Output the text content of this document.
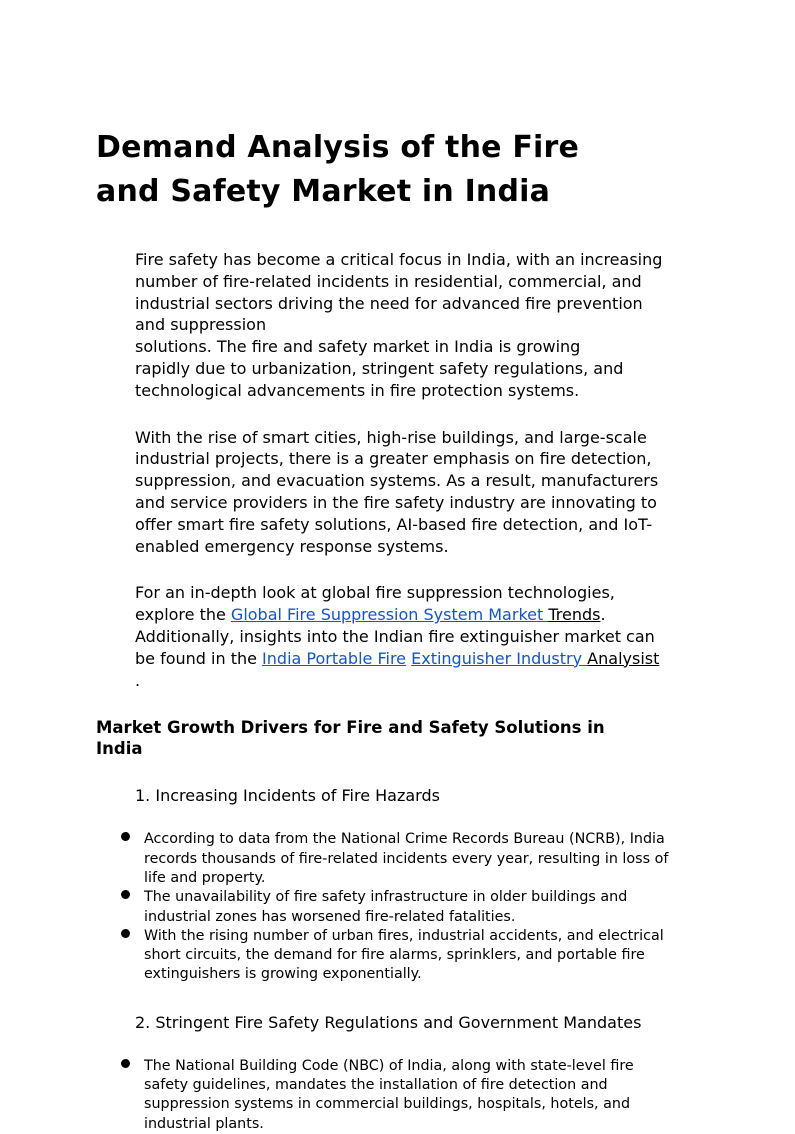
Demand Analysis of the Fire
and Safety Market in India

Fire safety has become a critical focus in India, with an increasing
number of fire-related incidents in residential, commercial, and
industrial sectors driving the need for advanced fire prevention
and suppression
solutions. The fire and safety market in India is growing
rapidly due to urbanization, stringent safety regulations, and
technological advancements in fire protection systems.

With the rise of smart cities, high-rise buildings, and large-scale
industrial projects, there is a greater emphasis on fire detection,
suppression, and evacuation systems. As a result, manufacturers
and service providers in the fire safety industry are innovating to
offer smart fire safety solutions, AI-based fire detection, and IoT-
enabled emergency response systems.

For an in-depth look at global fire suppression technologies,
explore the Global Fire Suppression System Market Trends.
Additionally, insights into the Indian fire extinguisher market can
be found in the India Portable Fire Extinguisher Industry Analysist
.

Market Growth Drivers for Fire and Safety Solutions in India

1. Increasing Incidents of Fire Hazards

According to data from the National Crime Records Bureau (NCRB), India records thousands of fire-related incidents every year, resulting in loss of life and property.
The unavailability of fire safety infrastructure in older buildings and industrial zones has worsened fire-related fatalities.
With the rising number of urban fires, industrial accidents, and electrical short circuits, the demand for fire alarms, sprinklers, and portable fire extinguishers is growing exponentially.

2. Stringent Fire Safety Regulations and Government Mandates

The National Building Code (NBC) of India, along with state-level fire safety guidelines, mandates the installation of fire detection and suppression systems in commercial buildings, hospitals, hotels, and industrial plants.
